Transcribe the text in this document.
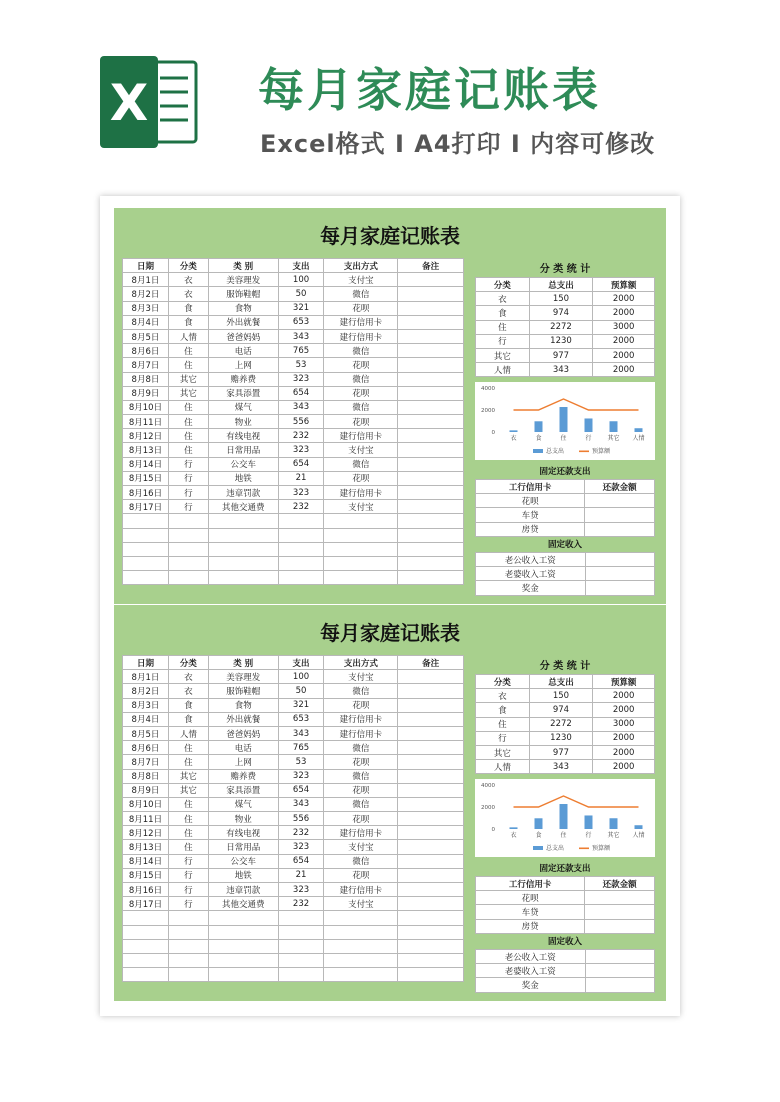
X 每月家庭记账表
Excel格式 I A4打印 I 内容可修改
每月家庭记账表
日期	分类	类 别	支出	支出方式	备注
8月1日	衣	美容理发	100	支付宝	
8月2日	衣	服饰鞋帽	50	微信	
8月3日	食	食物	321	花呗	
8月4日	食	外出就餐	653	建行信用卡	
8月5日	人情	爸爸妈妈	343	建行信用卡	
8月6日	住	电话	765	微信	
8月7日	住	上网	53	花呗	
8月8日	其它	赡养费	323	微信	
8月9日	其它	家具添置	654	花呗	
8月10日	住	煤气	343	微信	
8月11日	住	物业	556	花呗	
8月12日	住	有线电视	232	建行信用卡	
8月13日	住	日常用品	323	支付宝	
8月14日	行	公交车	654	微信	
8月15日	行	地铁	21	花呗	
8月16日	行	违章罚款	323	建行信用卡	
8月17日	行	其他交通费	232	支付宝	

分 类 统 计
分类	总支出	预算额
衣	150	2000
食	974	2000
住	2272	3000
行	1230	2000
其它	977	2000
人情	343	2000
4000
2000
0
衣	食	住	行	其它 人情
总支出	预算额
固定还款支出
工行信用卡	还款金额
花呗	
车贷	
房贷	
固定收入
老公收入工资	
老婆收入工资	
奖金	
每月家庭记账表
日期	分类	类 别	支出	支出方式	备注
8月1日	衣	美容理发	100	支付宝	
8月2日	衣	服饰鞋帽	50	微信	
8月3日	食	食物	321	花呗	
8月4日	食	外出就餐	653	建行信用卡	
8月5日	人情	爸爸妈妈	343	建行信用卡	
8月6日	住	电话	765	微信	
8月7日	住	上网	53	花呗	
8月8日	其它	赡养费	323	微信	
8月9日	其它	家具添置	654	花呗	
8月10日	住	煤气	343	微信	
8月11日	住	物业	556	花呗	
8月12日	住	有线电视	232	建行信用卡	
8月13日	住	日常用品	323	支付宝	
8月14日	行	公交车	654	微信	
8月15日	行	地铁	21	花呗	
8月16日	行	违章罚款	323	建行信用卡	
8月17日	行	其他交通费	232	支付宝	

分 类 统 计
分类	总支出	预算额
衣	150	2000
食	974	2000
住	2272	3000
行	1230	2000
其它	977	2000
人情	343	2000
4000
2000
0
衣	食	住	行	其它 人情
总支出	预算额
固定还款支出
工行信用卡	还款金额
花呗	
车贷	
房贷	
固定收入
老公收入工资	
老婆收入工资	
奖金	
